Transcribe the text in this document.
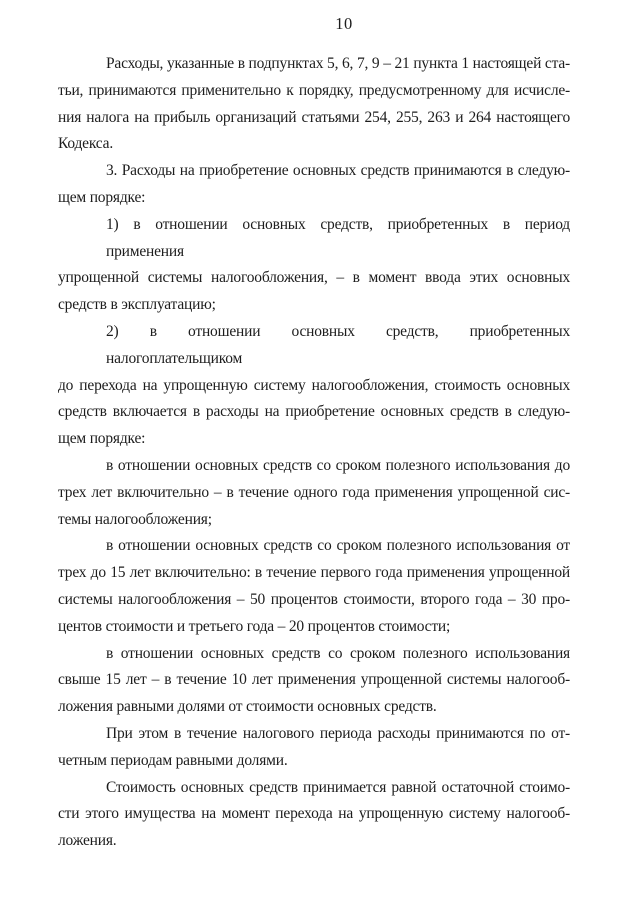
10
Расходы, указанные в подпунктах 5, 6, 7, 9 – 21 пункта 1 настоящей ста-
тьи, принимаются применительно к порядку, предусмотренному для исчисле-
ния налога на прибыль организаций статьями 254, 255, 263 и 264 настоящего
Кодекса.
3. Расходы на приобретение основных средств принимаются в следую-
щем порядке:
1) в отношении основных средств, приобретенных в период применения
упрощенной системы налогообложения, – в момент ввода этих основных
средств в эксплуатацию;
2) в отношении основных средств, приобретенных налогоплательщиком
до перехода на упрощенную систему налогообложения, стоимость основных
средств включается в расходы на приобретение основных средств в следую-
щем порядке:
в отношении основных средств со сроком полезного использования до
трех лет включительно – в течение одного года применения упрощенной сис-
темы налогообложения;
в отношении основных средств со сроком полезного использования от
трех до 15 лет включительно: в течение первого года применения упрощенной
системы налогообложения – 50 процентов стоимости, второго года – 30 про-
центов стоимости и третьего года – 20 процентов стоимости;
в отношении основных средств со сроком полезного использования
свыше 15 лет – в течение 10 лет применения упрощенной системы налогооб-
ложения равными долями от стоимости основных средств.
При этом в течение налогового периода расходы принимаются по от-
четным периодам равными долями.
Стоимость основных средств принимается равной остаточной стоимо-
сти этого имущества на момент перехода на упрощенную систему налогооб-
ложения.
